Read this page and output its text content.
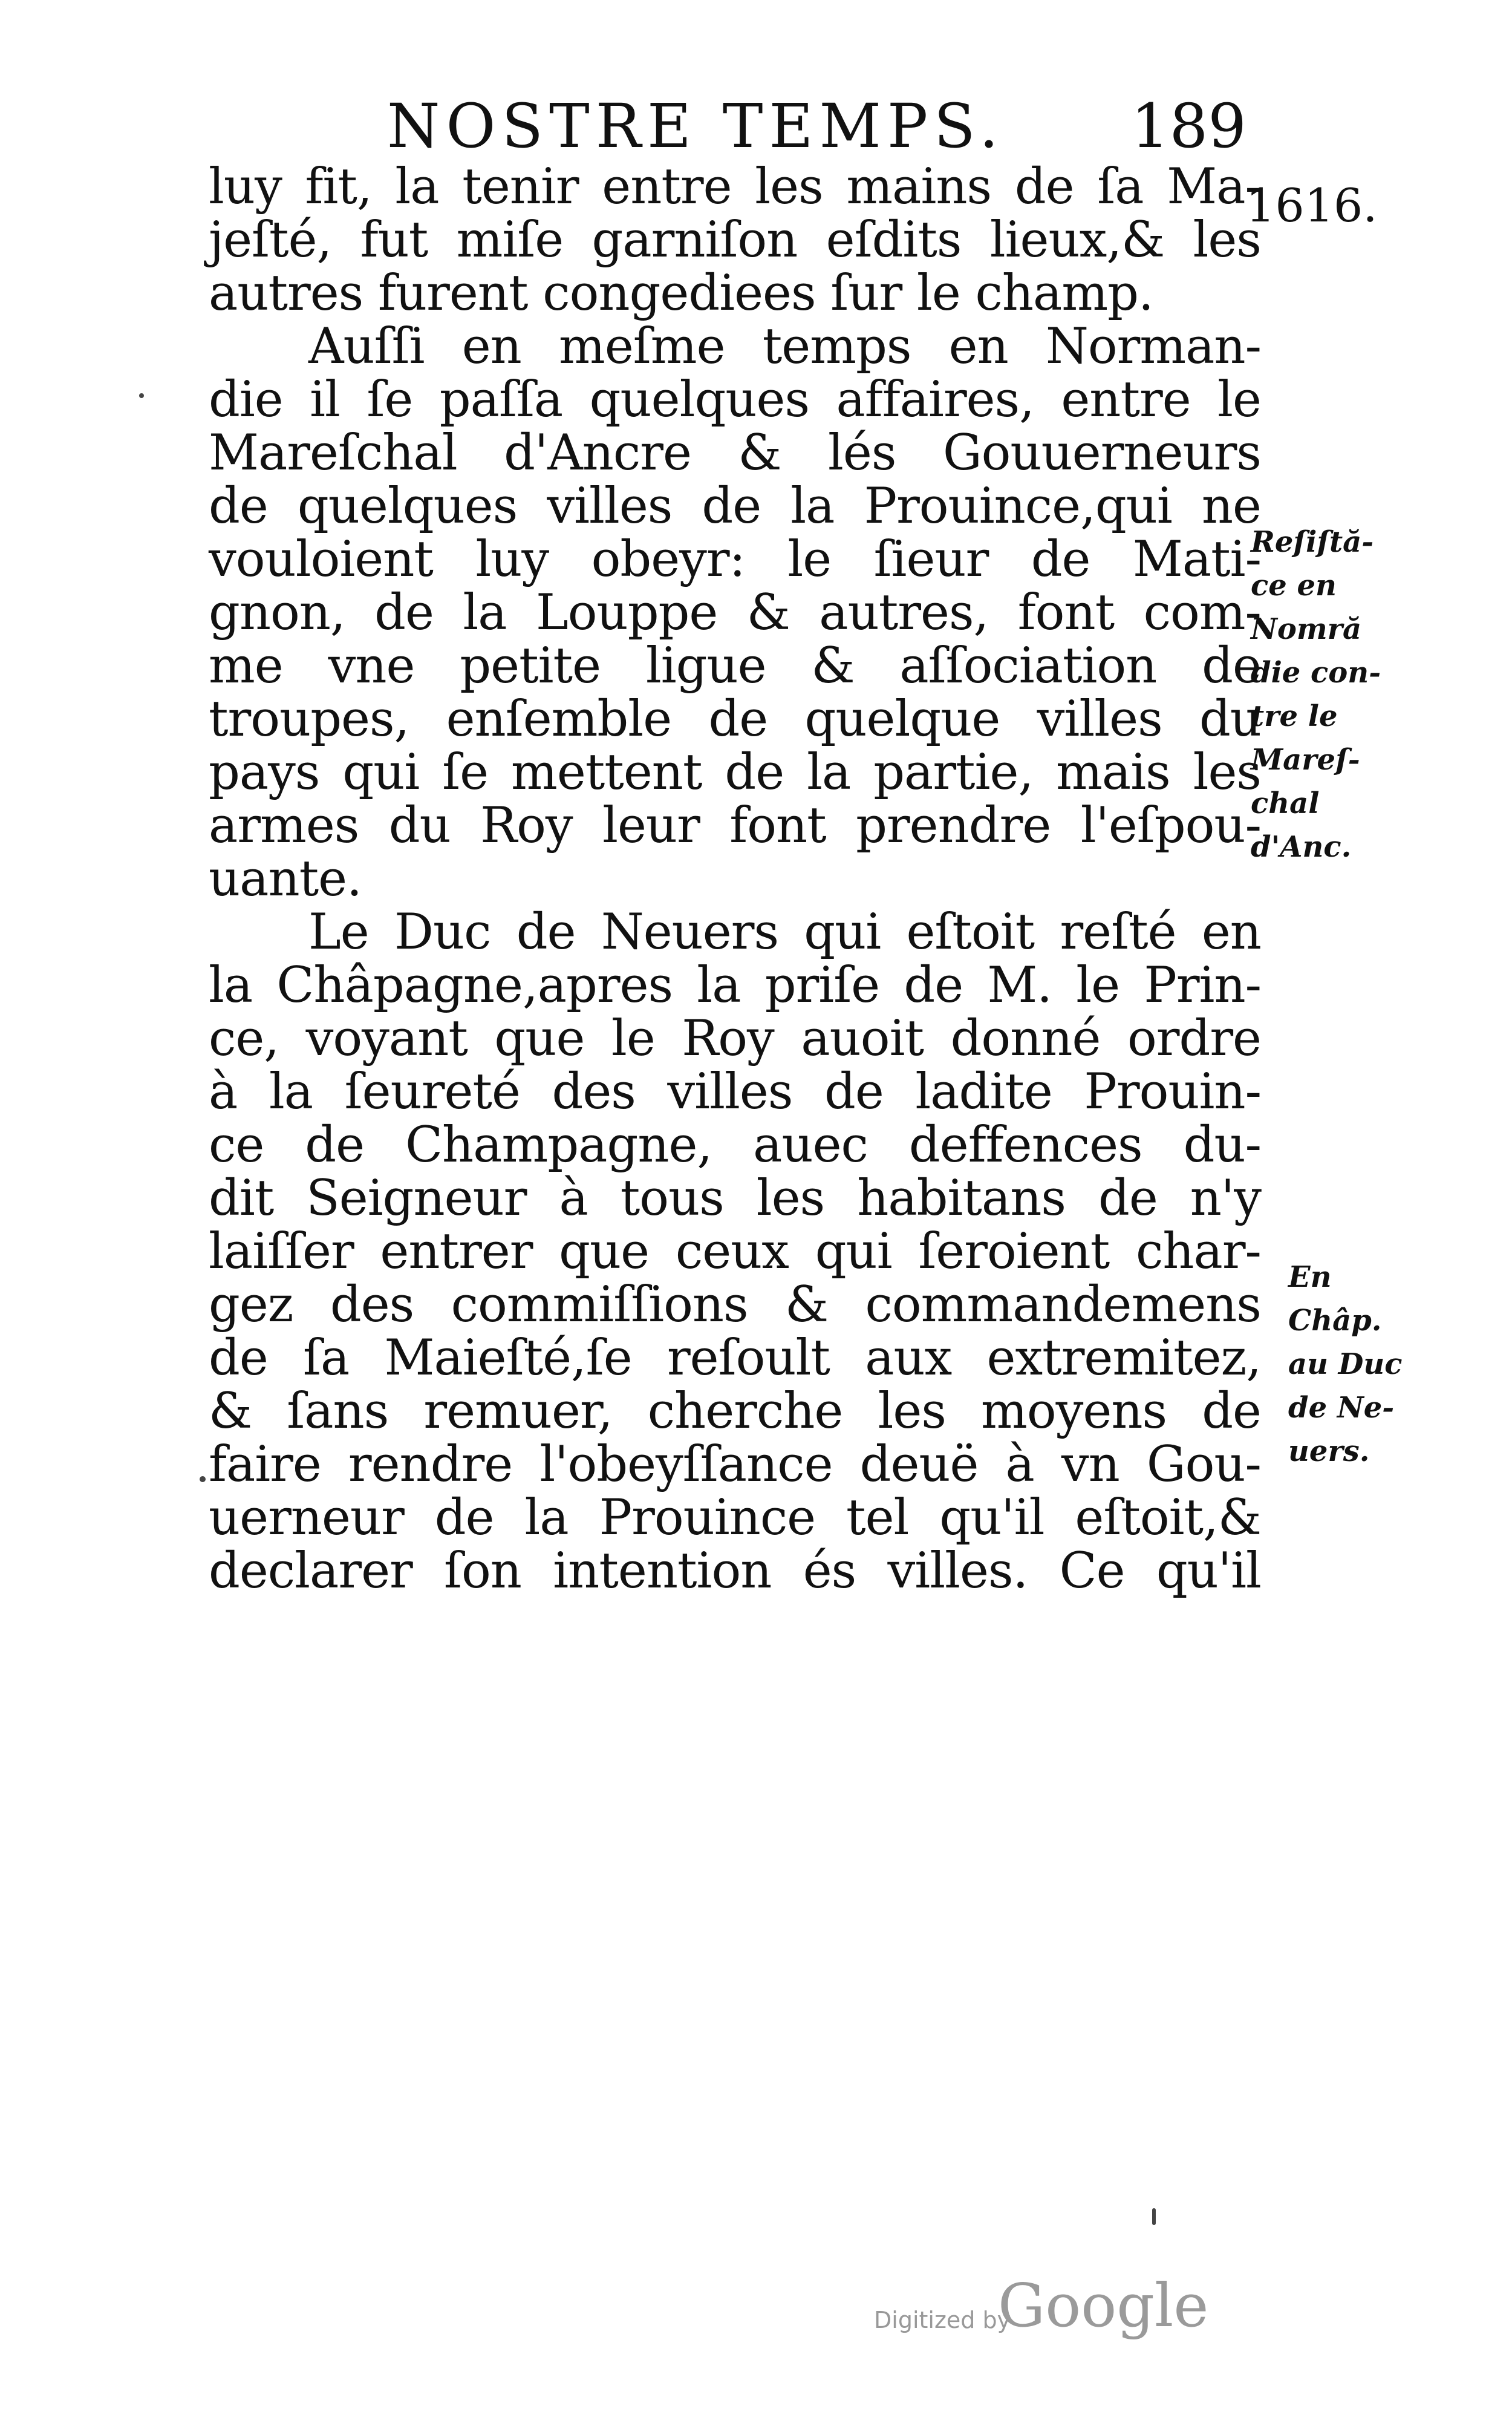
NOSTRE TEMPS. 189
1616.
luy fit, la tenir entre les mains de ſa Ma-
jeſté, fut miſe garniſon eſdits lieux,& les
autres furent congediees ſur le champ.
Auſſi en meſme temps en Norman-
die il ſe paſſa quelques affaires, entre le
Mareſchal d'Ancre & lés Gouuerneurs
de quelques villes de la Prouince,qui ne
vouloient luy obeyr: le ſieur de Mati-
gnon, de la Louppe & autres, font com-
me vne petite ligue & aſſociation de
troupes, enſemble de quelque villes du
pays qui ſe mettent de la partie, mais les
armes du Roy leur font prendre l'eſpou-
uante.
Le Duc de Neuers qui eſtoit reſté en
la Châpagne,apres la priſe de M. le Prin-
ce, voyant que le Roy auoit donné ordre
à la ſeureté des villes de ladite Prouin-
ce de Champagne, auec deffences du-
dit Seigneur à tous les habitans de n'y
laiſſer entrer que ceux qui ſeroient char-
gez des commiſſions & commandemens
de ſa Maieſté,ſe reſoult aux extremitez,
& ſans remuer, cherche les moyens de
faire rendre l'obeyſſance deuë à vn Gou-
uerneur de la Prouince tel qu'il eſtoit,&
declarer ſon intention és villes. Ce qu'il
Reſiſtă-
ce en
Nomră
die con-
tre le
Mareſ-
chal
d'Anc.
En
Châp.
au Duc
de Ne-
uers.
Digitized by
Google
